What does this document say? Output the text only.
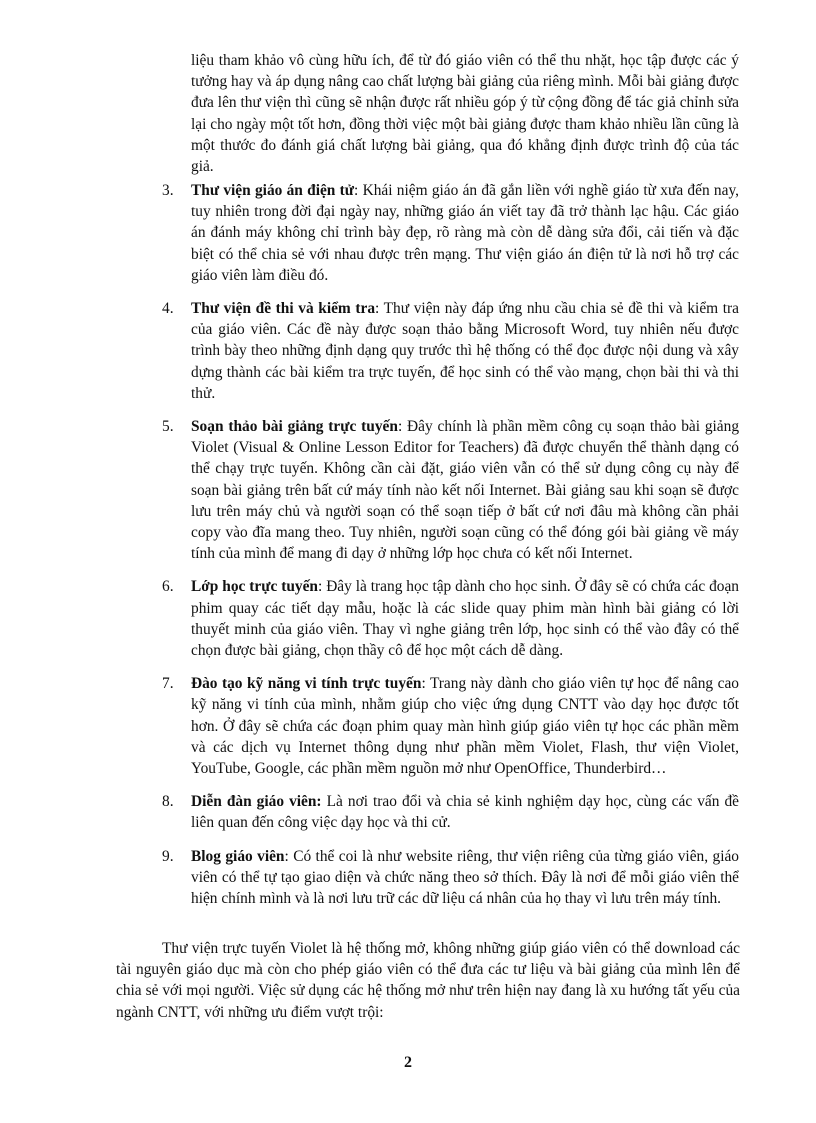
liệu tham khảo vô cùng hữu ích, để từ đó giáo viên có thể thu nhặt, học tập được các ý tưởng hay và áp dụng nâng cao chất lượng bài giảng của riêng mình. Mỗi bài giảng được đưa lên thư viện thì cũng sẽ nhận được rất nhiều góp ý từ cộng đồng để tác giả chỉnh sửa lại cho ngày một tốt hơn, đồng thời việc một bài giảng được tham khảo nhiều lần cũng là một thước đo đánh giá chất lượng bài giảng, qua đó khẳng định được trình độ của tác giả.

3. Thư viện giáo án điện tử: Khái niệm giáo án đã gắn liền với nghề giáo từ xưa đến nay, tuy nhiên trong đời đại ngày nay, những giáo án viết tay đã trở thành lạc hậu. Các giáo án đánh máy không chỉ trình bày đẹp, rõ ràng mà còn dễ dàng sửa đổi, cải tiến và đặc biệt có thể chia sẻ với nhau được trên mạng. Thư viện giáo án điện tử là nơi hỗ trợ các giáo viên làm điều đó.
4. Thư viện đề thi và kiểm tra: Thư viện này đáp ứng nhu cầu chia sẻ đề thi và kiểm tra của giáo viên. Các đề này được soạn thảo bằng Microsoft Word, tuy nhiên nếu được trình bày theo những định dạng quy trước thì hệ thống có thể đọc được nội dung và xây dựng thành các bài kiểm tra trực tuyến, để học sinh có thể vào mạng, chọn bài thi và thi thử.
5. Soạn thảo bài giảng trực tuyến: Đây chính là phần mềm công cụ soạn thảo bài giảng Violet (Visual & Online Lesson Editor for Teachers) đã được chuyển thể thành dạng có thể chạy trực tuyến. Không cần cài đặt, giáo viên vẫn có thể sử dụng công cụ này để soạn bài giảng trên bất cứ máy tính nào kết nối Internet. Bài giảng sau khi soạn sẽ được lưu trên máy chủ và người soạn có thể soạn tiếp ở bất cứ nơi đâu mà không cần phải copy vào đĩa mang theo. Tuy nhiên, người soạn cũng có thể đóng gói bài giảng về máy tính của mình để mang đi dạy ở những lớp học chưa có kết nối Internet.
6. Lớp học trực tuyến: Đây là trang học tập dành cho học sinh. Ở đây sẽ có chứa các đoạn phim quay các tiết dạy mẫu, hoặc là các slide quay phim màn hình bài giảng có lời thuyết minh của giáo viên. Thay vì nghe giảng trên lớp, học sinh có thể vào đây có thể chọn được bài giảng, chọn thầy cô để học một cách dễ dàng.
7. Đào tạo kỹ năng vi tính trực tuyến: Trang này dành cho giáo viên tự học để nâng cao kỹ năng vi tính của mình, nhằm giúp cho việc ứng dụng CNTT vào dạy học được tốt hơn. Ở đây sẽ chứa các đoạn phim quay màn hình giúp giáo viên tự học các phần mềm và các dịch vụ Internet thông dụng như phần mềm Violet, Flash, thư viện Violet, YouTube, Google, các phần mềm nguồn mở như OpenOffice, Thunderbird…
8. Diễn đàn giáo viên: Là nơi trao đổi và chia sẻ kinh nghiệm dạy học, cùng các vấn đề liên quan đến công việc dạy học và thi cử.
9. Blog giáo viên: Có thể coi là như website riêng, thư viện riêng của từng giáo viên, giáo viên có thể tự tạo giao diện và chức năng theo sở thích. Đây là nơi để mỗi giáo viên thể hiện chính mình và là nơi lưu trữ các dữ liệu cá nhân của họ thay vì lưu trên máy tính.

Thư viện trực tuyến Violet là hệ thống mở, không những giúp giáo viên có thể download các tài nguyên giáo dục mà còn cho phép giáo viên có thể đưa các tư liệu và bài giảng của mình lên để chia sẻ với mọi người. Việc sử dụng các hệ thống mở như trên hiện nay đang là xu hướng tất yếu của ngành CNTT, với những ưu điểm vượt trội:

2
